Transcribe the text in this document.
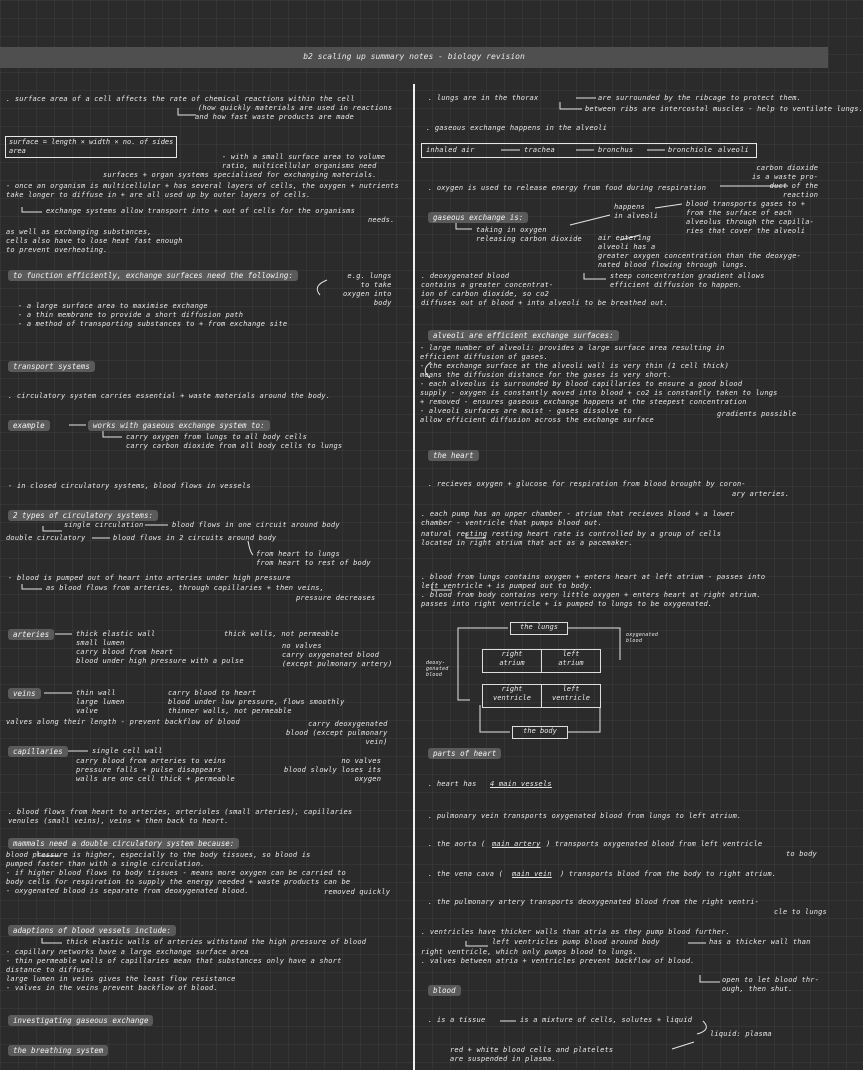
b2 scaling up summary notes - biology revision
. surface area of a cell affects the rate of chemical reactions within the cell
(how quickly materials are used in reactions
and how fast waste products are made
surface = length × width × no. of sides
area
- with a small surface area to volume
ratio, multicellular organisms need
surfaces + organ systems specialised for exchanging materials.
- once an organism is multicellular + has several layers of cells, the oxygen + nutrients
take longer to diffuse in + are all used up by outer layers of cells.
exchange systems allow transport into + out of cells for the organisms
needs.
as well as exchanging substances,
cells also have to lose heat fast enough
to prevent overheating.
to function efficiently, exchange surfaces need the following:	e.g. lungs
to take
oxygen into
body
- a large surface area to maximise exchange
- a thin membrane to provide a short diffusion path
- a method of transporting substances to + from exchange site
transport systems
. circulatory system carries essential + waste materials around the body.
example	works with gaseous exchange system to:
carry oxygen from lungs to all body cells
carry carbon dioxide from all body cells to lungs
- in closed circulatory systems, blood flows in vessels
2 types of circulatory systems:
single circulation	blood flows in one circuit around body
double circulatory	blood flows in 2 circuits around body
from heart to lungs
from heart to rest of body
- blood is pumped out of heart into arteries under high pressure
as blood flows from arteries, through capillaries + then veins,
pressure decreases
arteries	thick elastic wall
small lumen
carry blood from heart
blood under high pressure with a pulse
thick walls, not permeable
no valves
carry oxygenated blood
(except pulmonary artery)
veins	thin wall
large lumen
valve
carry blood to heart
blood under low pressure, flows smoothly
thinner walls, not permeable
valves along their length - prevent backflow of blood	carry deoxygenated
blood (except pulmonary
vein)
capillaries	single cell wall
carry blood from arteries to veins
pressure falls + pulse disappears
walls are one cell thick + permeable
no valves
blood slowly loses its
oxygen
. blood flows from heart to arteries, arterioles (small arteries), capillaries
venules (small veins), veins + then back to heart.
mammals need a double circulatory system because:
blood pressure is higher, especially to the body tissues, so blood is
pumped faster than with a single circulation.
- if higher blood flows to body tissues - means more oxygen can be carried to
body cells for respiration to supply the energy needed + waste products can be
- oxygenated blood is separate from deoxygenated blood.	removed quickly
adaptions of blood vessels include:
thick elastic walls of arteries withstand the high pressure of blood
- capillary networks have a large exchange surface area
- thin permeable walls of capillaries mean that substances only have a short
distance to diffuse.
large lumen in veins gives the least flow resistance
- valves in the veins prevent backflow of blood.
investigating gaseous exchange
the breathing system
. lungs are in the thorax	are surrounded by the ribcage to protect them.
between ribs are intercostal muscles - help to ventilate lungs.
. gaseous exchange happens in the alveoli
inhaled air	trachea	bronchus	bronchiole alveoli
carbon dioxide
is a waste pro-
duct of the
reaction
. oxygen is used to release energy from food during respiration
gaseous exchange is:
taking in oxygen
releasing carbon dioxide
happens
in alveoli
blood transports gases to +
from the surface of each
alveolus through the capilla-
ries that cover the alveoli
air entering
alveoli has a
greater oxygen concentration than the deoxyge-
nated blood flowing through lungs.
steep concentration gradient allows
efficient diffusion to happen.
. deoxygenated blood
contains a greater concentrat-
ion of carbon dioxide, so co2
diffuses out of blood + into alveoli to be breathed out.
alveoli are efficient exchange surfaces:
- large number of alveoli: provides a large surface area resulting in
efficient diffusion of gases.
- the exchange surface at the alveoli wall is very thin (1 cell thick)
means the diffusion distance for the gases is very short.
- each alveolus is surrounded by blood capillaries to ensure a good blood
supply - oxygen is constantly moved into blood + co2 is constantly taken to lungs
+ removed - ensures gaseous exchange happens at the steepest concentration
- alveoli surfaces are moist - gases dissolve to
allow efficient diffusion across the exchange surface
gradients possible
the heart
. recieves oxygen + glucose for respiration from blood brought by coron-
ary arteries.
. each pump has an upper chamber - atrium that recieves blood + a lower
chamber - ventricle that pumps blood out.
natural resting resting heart rate is controlled by a group of cells
located in right atrium that act as a pacemaker.
. blood from lungs contains oxygen + enters heart at left atrium - passes into
left ventricle + is pumped out to body.
. blood from body contains very little oxygen + enters heart at right atrium.
passes into right ventricle + is pumped to lungs to be oxygenated.
the lungs
right
atrium
left
atrium
right
ventricle
left
ventricle
the body
oxygenated
blood
deoxy-
genated
blood
parts of heart
. heart has 4 main vessels
. pulmonary vein transports oxygenated blood from lungs to left atrium.
. the aorta ( main artery ) transports oxygenated blood from left ventricle
to body
. the vena cava ( main vein ) transports blood from the body to right atrium.
. the pulmonary artery transports deoxygenated blood from the right ventri-
cle to lungs
. ventricles have thicker walls than atria as they pump blood further.
left ventricles pump blood around body	has a thicker wall than
right ventricle, which only pumps blood to lungs.
. valves between atria + ventricles prevent backflow of blood.
open to let blood thr-
ough, then shut.
blood
. is a tissue	is a mixture of cells, solutes + liquid
liquid: plasma
red + white blood cells and platelets
are suspended in plasma.
